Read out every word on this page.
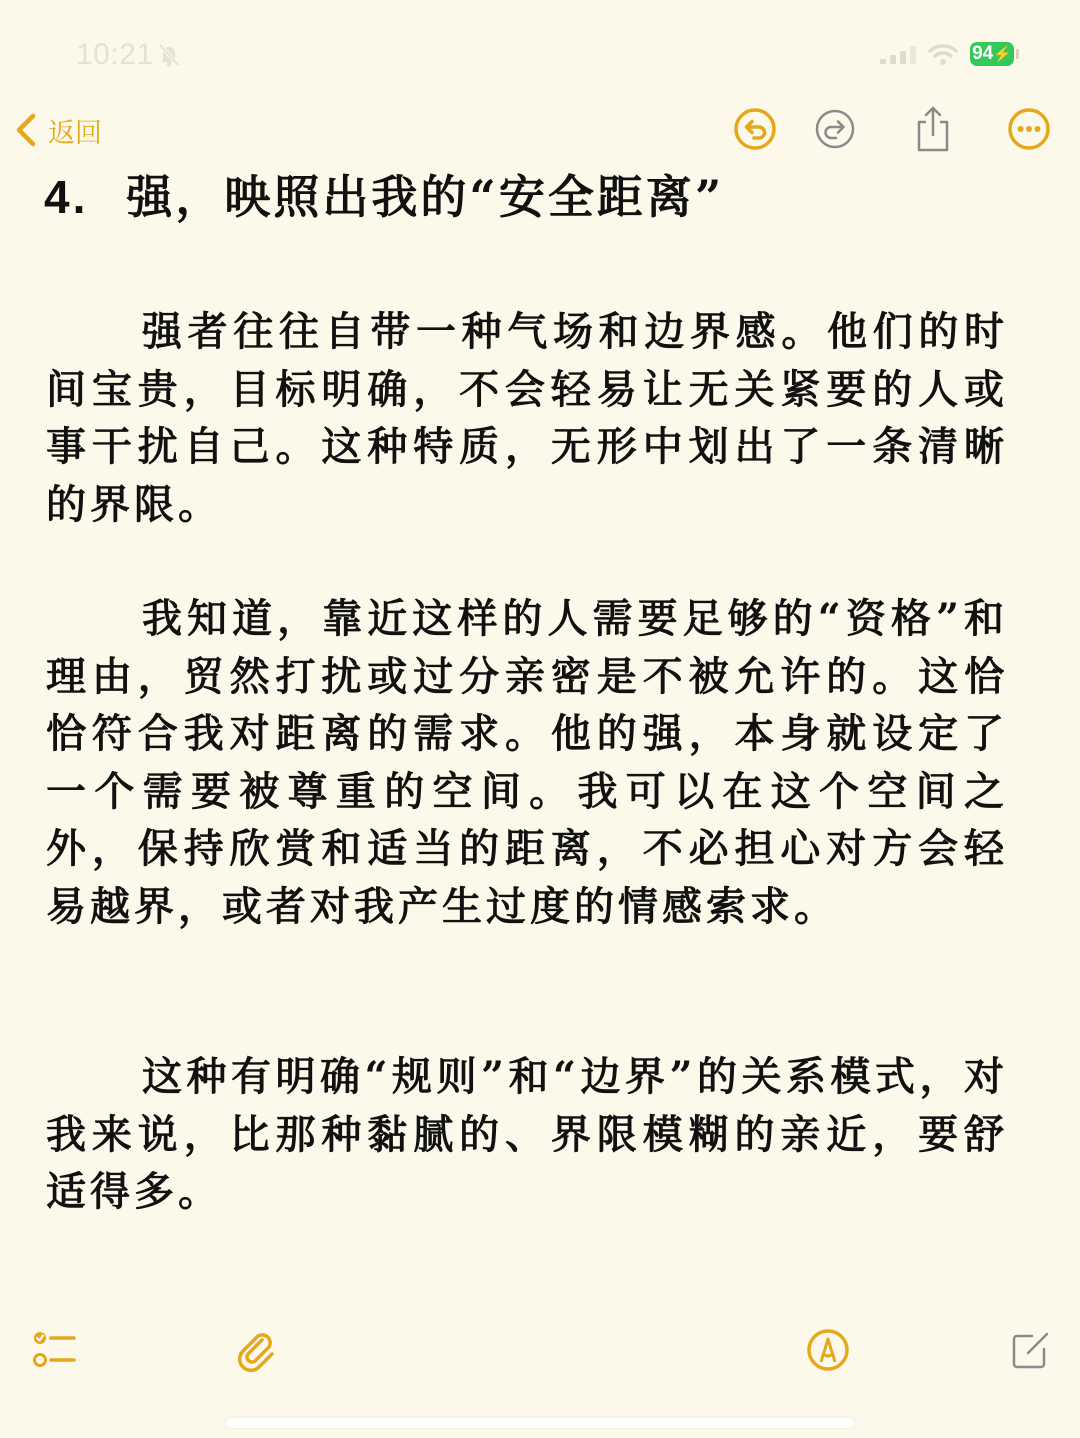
10:21	94⚡
返回
4. 强，映照出我的“安全距离”

强者往往自带一种气场和边界感。他们的时间宝贵，目标明确，不会轻易让无关紧要的人或事干扰自己。这种特质，无形中划出了一条清晰的界限。

我知道，靠近这样的人需要足够的“资格”和理由，贸然打扰或过分亲密是不被允许的。这恰恰符合我对距离的需求。他的强，本身就设定了一个需要被尊重的空间。我可以在这个空间之外，保持欣赏和适当的距离，不必担心对方会轻易越界，或者对我产生过度的情感索求。

这种有明确“规则”和“边界”的关系模式，对我来说，比那种黏腻的、界限模糊的亲近，要舒适得多。
